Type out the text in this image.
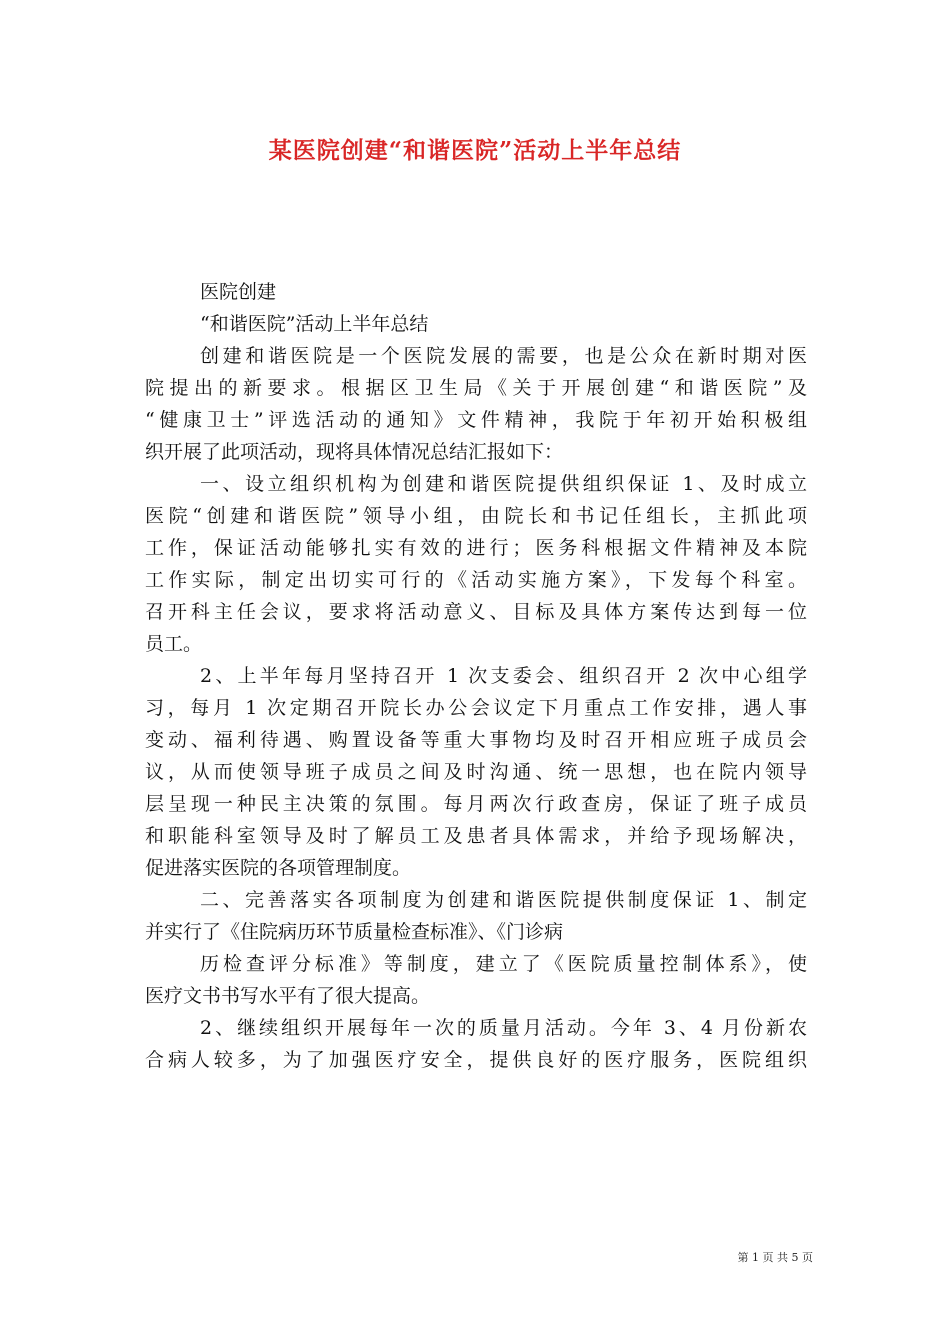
某医院创建“和谐医院”活动上半年总结
医院创建
“和谐医院”活动上半年总结
创建和谐医院是一个医院发展的需要，也是公众在新时期对医
院提出的新要求。根据区卫生局《关于开展创建“和谐医院”及
“健康卫士”评选活动的通知》文件精神，我院于年初开始积极组
织开展了此项活动，现将具体情况总结汇报如下：
一、设立组织机构为创建和谐医院提供组织保证 1、及时成立
医院“创建和谐医院”领导小组，由院长和书记任组长，主抓此项
工作，保证活动能够扎实有效的进行；医务科根据文件精神及本院
工作实际，制定出切实可行的《活动实施方案》，下发每个科室。
召开科主任会议，要求将活动意义、目标及具体方案传达到每一位
员工。
2、上半年每月坚持召开 1 次支委会、组织召开 2 次中心组学
习，每月 1 次定期召开院长办公会议定下月重点工作安排，遇人事
变动、福利待遇、购置设备等重大事物均及时召开相应班子成员会
议，从而使领导班子成员之间及时沟通、统一思想，也在院内领导
层呈现一种民主决策的氛围。每月两次行政查房，保证了班子成员
和职能科室领导及时了解员工及患者具体需求，并给予现场解决，
促进落实医院的各项管理制度。
二、完善落实各项制度为创建和谐医院提供制度保证 1、制定
并实行了《住院病历环节质量检查标准》、《门诊病
历检查评分标准》等制度，建立了《医院质量控制体系》，使
医疗文书书写水平有了很大提高。
2、继续组织开展每年一次的质量月活动。今年 3、4 月份新农
合病人较多，为了加强医疗安全，提供良好的医疗服务，医院组织
第 1 页 共 5 页
